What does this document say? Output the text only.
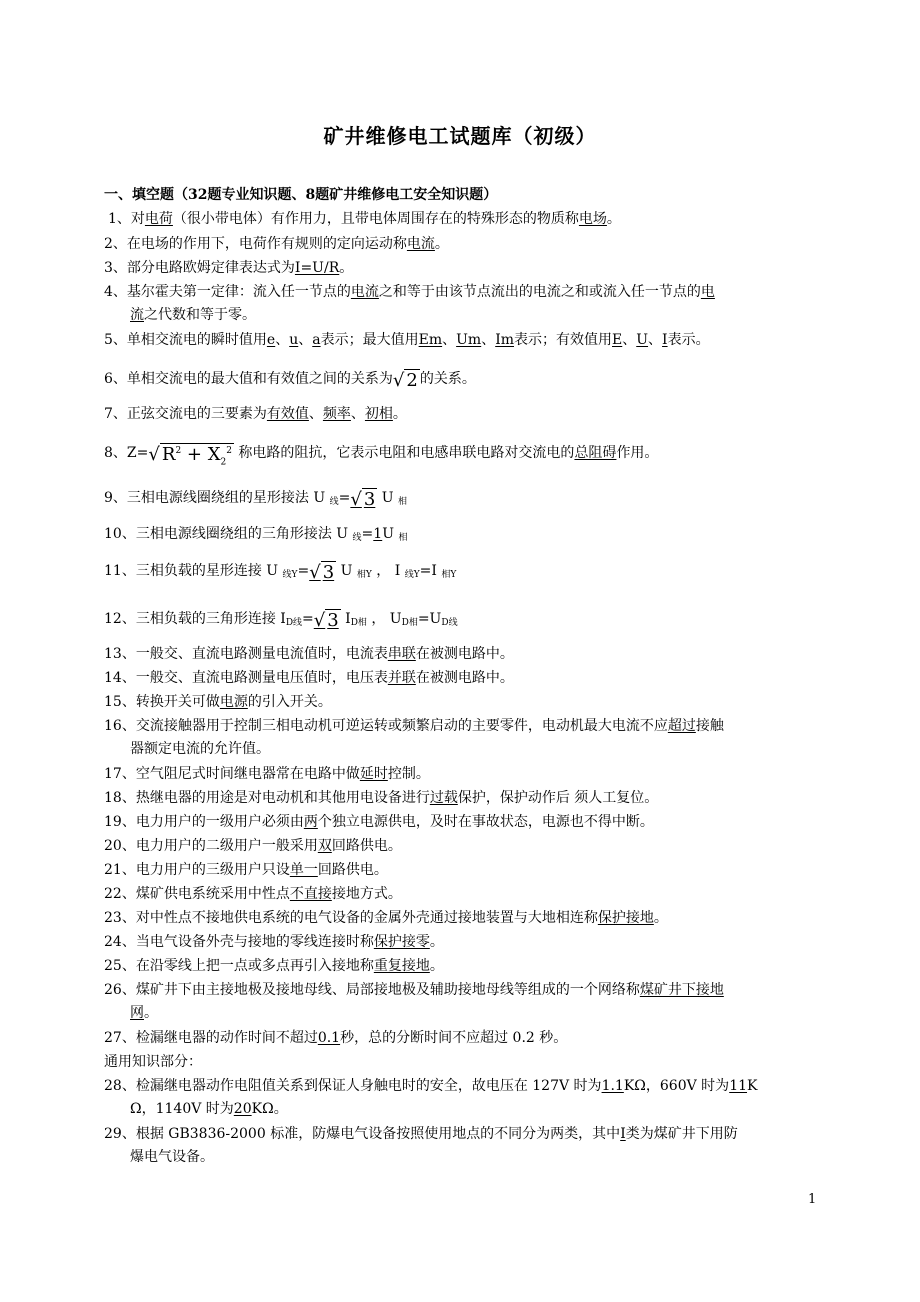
矿井维修电工试题库（初级）
一、填空题（32题专业知识题、8题矿井维修电工安全知识题）
1、对电荷（很小带电体）有作用力，且带电体周围存在的特殊形态的物质称电场。
2、在电场的作用下，电荷作有规则的定向运动称电流。
3、部分电路欧姆定律表达式为I=U/R。
4、基尔霍夫第一定律：流入任一节点的电流之和等于由该节点流出的电流之和或流入任一节点的电
流之代数和等于零。
5、单相交流电的瞬时值用e、u、a表示；最大值用Em、Um、Im表示；有效值用E、U、I表示。
6、单相交流电的最大值和有效值之间的关系为√ 2 的关系。
7、正弦交流电的三要素为有效值、频率、初相。
8、Z=√ $R^2 + X_2^2$ 称电路的阻抗，它表示电阻和电感串联电路对交流电的总阻碍作用。
9、三相电源线圈绕组的星形接法 U $_线$=√ 3 U $_相$
10、三相电源线圈绕组的三角形接法 U $_线$=1U $_相$
11、三相负载的星形连接 U $_{线Y}$=√ 3 U $_{相Y}$ ， I $_{线Y}$=I $_{相Y}$
12、三相负载的三角形连接 $I_{D线}=√$ 3 $I_{D相}$ ， $U_{D相}=U_{D线}$
13、一般交、直流电路测量电流值时，电流表串联在被测电路中。
14、一般交、直流电路测量电压值时，电压表并联在被测电路中。
15、转换开关可做电源的引入开关。
16、交流接触器用于控制三相电动机可逆运转或频繁启动的主要零件，电动机最大电流不应超过接触
器额定电流的允许值。
17、空气阻尼式时间继电器常在电路中做延时控制。
18、热继电器的用途是对电动机和其他用电设备进行过载保护，保护动作后 须人工复位。
19、电力用户的一级用户必须由两个独立电源供电，及时在事故状态，电源也不得中断。
20、电力用户的二级用户一般采用双回路供电。
21、电力用户的三级用户只设单一回路供电。
22、煤矿供电系统采用中性点不直接接地方式。
23、对中性点不接地供电系统的电气设备的金属外壳通过接地装置与大地相连称保护接地。
24、当电气设备外壳与接地的零线连接时称保护接零。
25、在沿零线上把一点或多点再引入接地称重复接地。
26、煤矿井下由主接地极及接地母线、局部接地极及辅助接地母线等组成的一个网络称煤矿井下接地
网。
27、检漏继电器的动作时间不超过0.1秒，总的分断时间不应超过 0.2 秒。
通用知识部分：
28、检漏继电器动作电阻值关系到保证人身触电时的安全，故电压在 127V 时为1.1KΩ，660V 时为11K
Ω，1140V 时为20KΩ。
29、根据 GB3836-2000 标准，防爆电气设备按照使用地点的不同分为两类，其中I类为煤矿井下用防
爆电气设备。
1
